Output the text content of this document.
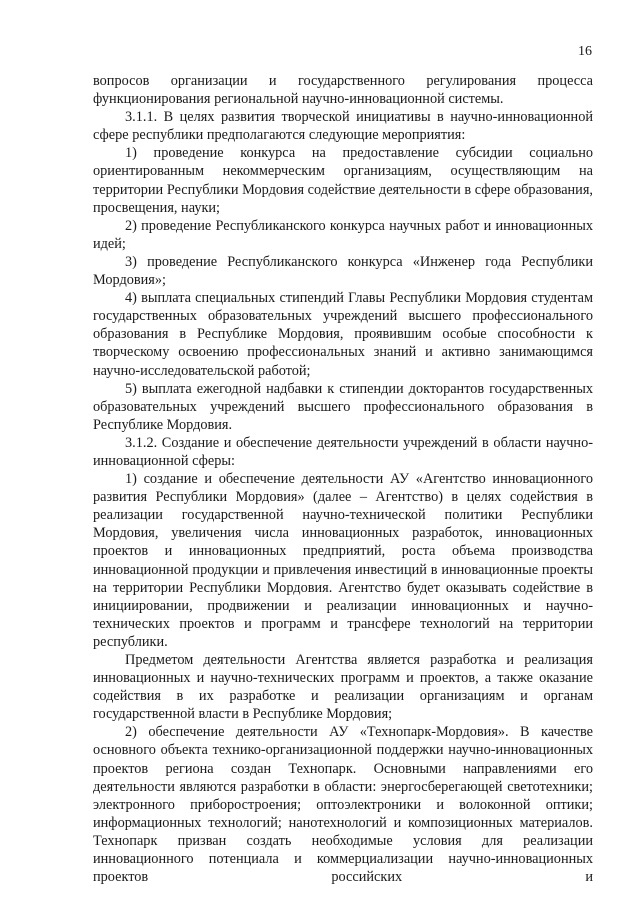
16

вопросов организации и государственного регулирования процесса функционирования региональной научно-инновационной системы.

3.1.1. В целях развития творческой инициативы в научно-инновационной сфере республики предполагаются следующие мероприятия:

1) проведение конкурса на предоставление субсидии социально ориентированным некоммерческим организациям, осуществляющим на территории Республики Мордовия содействие деятельности в сфере образования, просвещения, науки;

2) проведение Республиканского конкурса научных работ и инновационных идей;

3) проведение Республиканского конкурса «Инженер года Республики Мордовия»;

4) выплата специальных стипендий Главы Республики Мордовия студентам государственных образовательных учреждений высшего профессионального образования в Республике Мордовия, проявившим особые способности к творческому освоению профессиональных знаний и активно занимающимся научно-исследовательской работой;

5) выплата ежегодной надбавки к стипендии докторантов государственных образовательных учреждений высшего профессионального образования в Республике Мордовия.

3.1.2. Создание и обеспечение деятельности учреждений в области научно-инновационной сферы:

1) создание и обеспечение деятельности АУ «Агентство инновационного развития Республики Мордовия» (далее – Агентство) в целях содействия в реализации государственной научно-технической политики Республики Мордовия, увеличения числа инновационных разработок, инновационных проектов и инновационных предприятий, роста объема производства инновационной продукции и привлечения инвестиций в инновационные проекты на территории Республики Мордовия. Агентство будет оказывать содействие в инициировании, продвижении и реализации инновационных и научно-технических проектов и программ и трансфере технологий на территории республики.

Предметом деятельности Агентства является разработка и реализация инновационных и научно-технических программ и проектов, а также оказание содействия в их разработке и реализации организациям и органам государственной власти в Республике Мордовия;

2) обеспечение деятельности АУ «Технопарк-Мордовия». В качестве основного объекта технико-организационной поддержки научно-инновационных проектов региона создан Технопарк. Основными направлениями его деятельности являются разработки в области: энергосберегающей светотехники; электронного приборостроения; оптоэлектроники и волоконной оптики; информационных технологий; нанотехнологий и композиционных материалов. Технопарк призван создать необходимые условия для реализации инновационного потенциала и коммерциализации научно-инновационных проектов российских и
